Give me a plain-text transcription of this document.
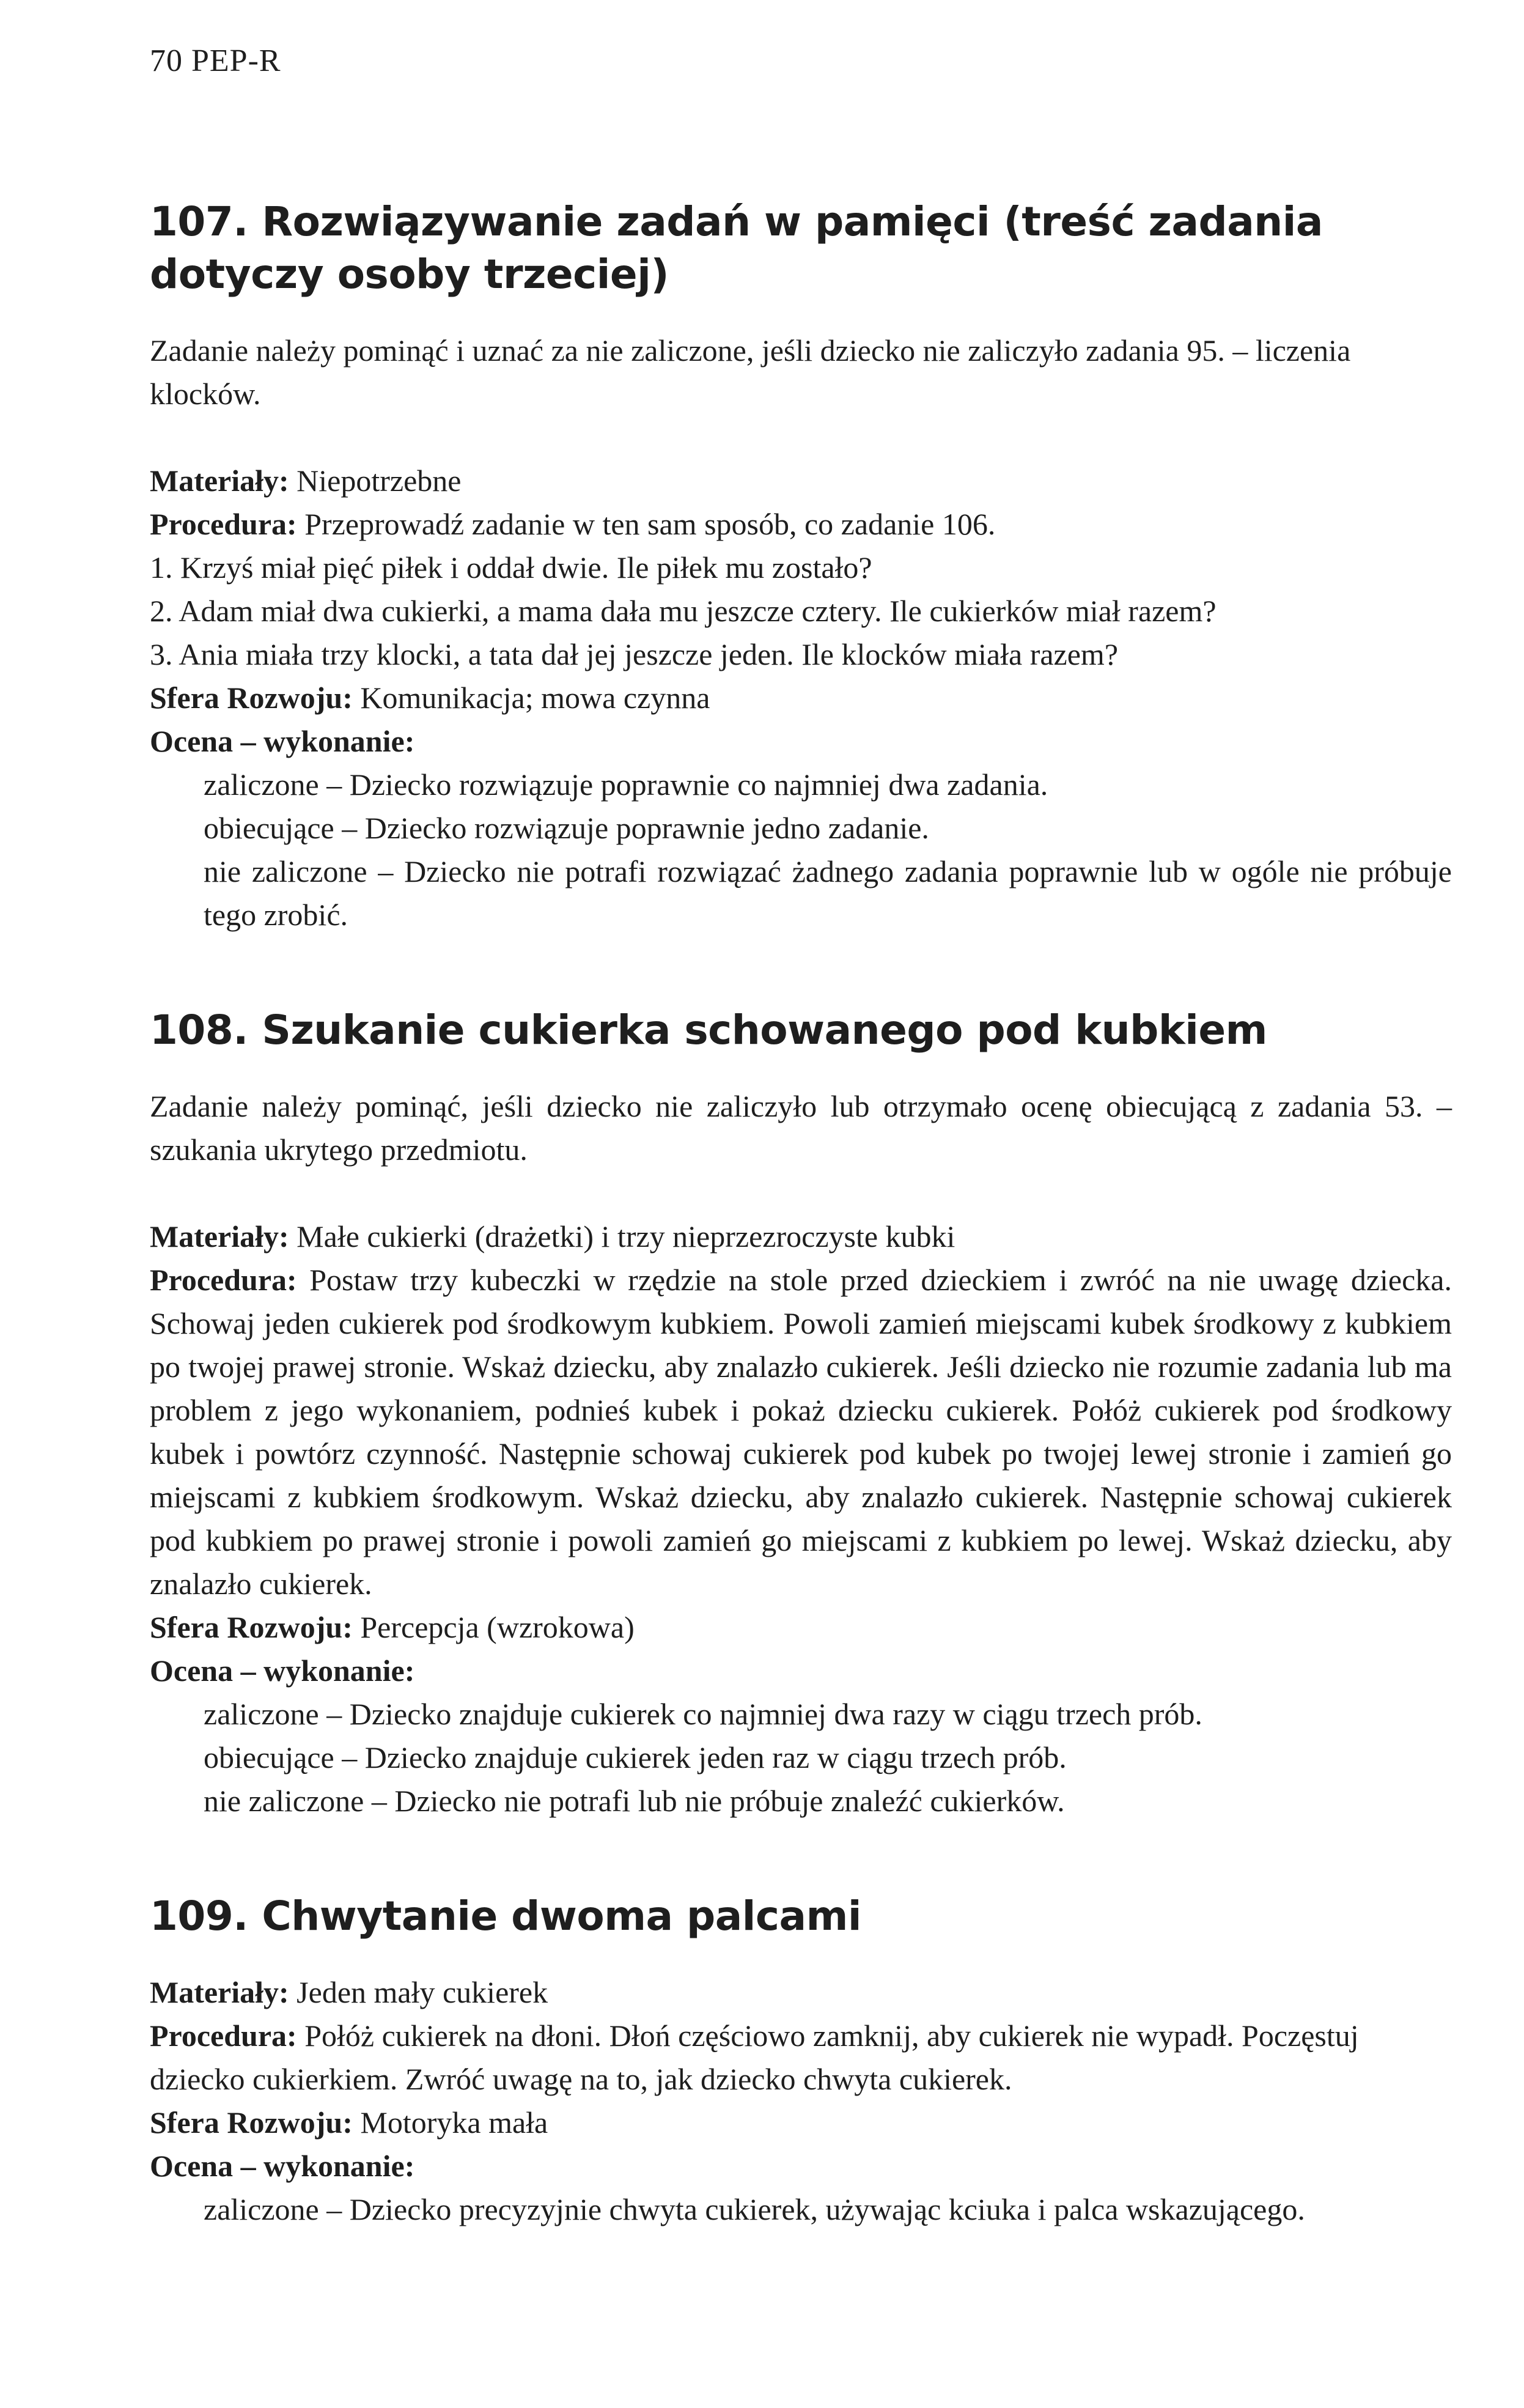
70 PEP-R
107. Rozwiązywanie zadań w pamięci (treść zadania dotyczy osoby trzeciej)

Zadanie należy pominąć i uznać za nie zaliczone, jeśli dziecko nie zaliczyło zadania 95. – liczenia klocków.

Materiały: Niepotrzebne

Procedura: Przeprowadź zadanie w ten sam sposób, co zadanie 106.

1. Krzyś miał pięć piłek i oddał dwie. Ile piłek mu zostało?

2. Adam miał dwa cukierki, a mama dała mu jeszcze cztery. Ile cukierków miał razem?

3. Ania miała trzy klocki, a tata dał jej jeszcze jeden. Ile klocków miała razem?

Sfera Rozwoju: Komunikacja; mowa czynna

Ocena – wykonanie:

zaliczone – Dziecko rozwiązuje poprawnie co najmniej dwa zadania.

obiecujące – Dziecko rozwiązuje poprawnie jedno zadanie.

nie zaliczone – Dziecko nie potrafi rozwiązać żadnego zadania poprawnie lub w ogóle nie próbuje tego zrobić.

108. Szukanie cukierka schowanego pod kubkiem

Zadanie należy pominąć, jeśli dziecko nie zaliczyło lub otrzymało ocenę obiecującą z zadania 53. – szukania ukrytego przedmiotu.

Materiały: Małe cukierki (drażetki) i trzy nieprzezroczyste kubki

Procedura: Postaw trzy kubeczki w rzędzie na stole przed dzieckiem i zwróć na nie uwagę dziecka. Schowaj jeden cukierek pod środkowym kubkiem. Powoli zamień miejscami kubek środkowy z kubkiem po twojej prawej stronie. Wskaż dziecku, aby znalazło cukierek. Jeśli dziecko nie rozumie zadania lub ma problem z jego wykonaniem, podnieś kubek i pokaż dziecku cukierek. Połóż cukierek pod środkowy kubek i powtórz czynność. Następnie schowaj cukierek pod kubek po twojej lewej stronie i zamień go miejscami z kubkiem środkowym. Wskaż dziecku, aby znalazło cukierek. Następnie schowaj cukierek pod kubkiem po prawej stronie i powoli zamień go miejscami z kubkiem po lewej. Wskaż dziecku, aby znalazło cukierek.

Sfera Rozwoju: Percepcja (wzrokowa)

Ocena – wykonanie:

zaliczone – Dziecko znajduje cukierek co najmniej dwa razy w ciągu trzech prób.

obiecujące – Dziecko znajduje cukierek jeden raz w ciągu trzech prób.

nie zaliczone – Dziecko nie potrafi lub nie próbuje znaleźć cukierków.

109. Chwytanie dwoma palcami

Materiały: Jeden mały cukierek

Procedura: Połóż cukierek na dłoni. Dłoń częściowo zamknij, aby cukierek nie wypadł. Poczęstuj dziecko cukierkiem. Zwróć uwagę na to, jak dziecko chwyta cukierek.

Sfera Rozwoju: Motoryka mała

Ocena – wykonanie:

zaliczone – Dziecko precyzyjnie chwyta cukierek, używając kciuka i palca wskazującego.
